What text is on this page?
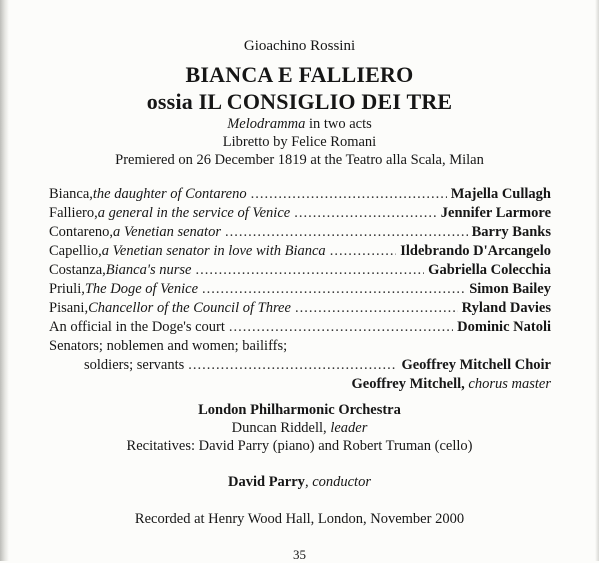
Gioachino Rossini
BIANCA E FALLIERO
ossia IL CONSIGLIO DEI TRE
Melodramma in two acts
Libretto by Felice Romani
Premiered on 26 December 1819 at the Teatro alla Scala, Milan
Bianca, the daughter of Contareno .....	Majella Cullagh
Falliero, a general in the service of Venice .....	Jennifer Larmore
Contareno, a Venetian senator .....	Barry Banks
Capellio, a Venetian senator in love with Bianca .....	Ildebrando D'Arcangelo
Costanza, Bianca's nurse .....	Gabriella Colecchia
Priuli, The Doge of Venice .....	Simon Bailey
Pisani, Chancellor of the Council of Three .....	Ryland Davies
An official in the Doge's court .....	Dominic Natoli
Senators; noblemen and women; bailiffs;
soldiers; servants .....	Geoffrey Mitchell Choir
Geoffrey Mitchell, chorus master
London Philharmonic Orchestra
Duncan Riddell, leader
Recitatives: David Parry (piano) and Robert Truman (cello)
David Parry, conductor
Recorded at Henry Wood Hall, London, November 2000
35
